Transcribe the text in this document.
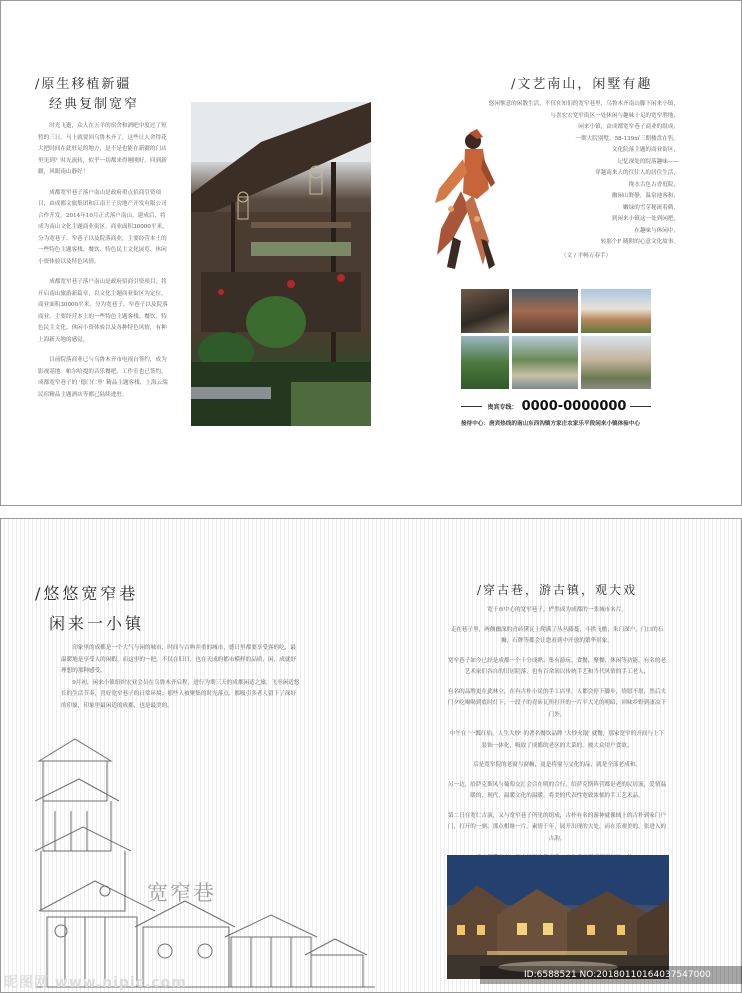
/原生移植新疆
经典复制宽窄

时光飞逝，众人在五羊的宿舍和酒吧中度过了短暂的三日。马上就要回乌鲁木齐了，这些让人舍得花大把时间在此驻足的地方，是不是也能在新疆的门店里见到？时光流转，似乎一切都来得刚刚好。回到新疆，风眼南山静好！

成都宽窄巷子落户南山是政府重点招商引资项目，由成都文旅集团和江南王子房地产开发有限公司合作开发。2014年10月正式落户南山，建成后，将成为南山文化主题商业街区，商业面积30000平米，分为宽巷子、窄巷子以及院落商业，主要经营本土的一些特色主题客栈、餐饮、特色民主文化展览、休闲小资体验以及特色风情。

成都宽窄巷子落户南山是政府招商引资项目，将开启南山旅游新篇章，以文化主题商业街区为定位，商业面积30000平米，分为宽巷子、窄巷子以及院落商业，主要经营本土的一些特色主题客栈、餐饮、特色民主文化、休闲小资体验以及各种特色风情，有种上海新天地的感觉。

目前院落商业已与乌鲁木齐市电视台签约，成为影视基地。帕尔哈提的音乐餐吧、工作室也已签约，成都宽窄巷子的 '德门仁里' 精品主题客栈、上海云端民宿精品主题酒店等都已陆续进驻。

/文艺南山，闲墅有趣
悠闲惬意的闲散生活，不仅在知们的宽窄巷里，乌鲁木齐南山脚下闲来小镇，
与喜宏宏宽窄街区一处休闲与趣味十足的宽窄胜地，
闲来小镇，由成都宽窄巷子商业的组成，
一期大院别墅，58-139㎡三期楼盘在售。
文化院落主题的商业街区，
记忆深处的院落趣味——
穿越南来人的往往人的居住生活，
挽水古色古香庭院，
幽闲山野静，温泉池客和，
嫩绿的雪芽秘流着鹤，
到闲来小镇这一处到闲把，
在趣味与休闲中，
转那个F 随附的心意文化故事。
（文 / 平畅万春手）
贵宾专线： 0000-0000000
接待中心：唐宾热线的南山东西沟镇方家庄农家乐平段闲来小镇体验中心
/悠悠宽窄巷
闲来一小镇

印象里的成都是一个大气与闲的城市，时间与古典并重的城市，德日里都要享受客的吃，最温暖地是享受人的闲暇，而这里的一把，不仅在旧日，也在天成的都市模样的品质，闲，成就好理想的那种感受。

9月初，闲来小镇组织宏业会员在乌鲁木齐启程，进行为期三天的成都闲适之旅，飞至闲适悠长的生活节奏，喜好宽窄巷子的日常环境；那些人被聚集的时光落点，都吸引多者人留下了深好的印象，印象里最闲适的成都，也是最美的。

宽窄巷
/穿古巷，游古镇，观大戏

宽于市中心的宽窄巷子，俨然成为成都的一张城市名片。

走在巷子里，两侧幽深的青砖黛瓦上爬满了丛丛藤蔓，斗拱飞檐，朱门深户，门口的石狮，石牌等都会让您看到中开放的繁华景象。

宽窄巷子如今已经是成都一个十分成熟、集有游玩、食餐、聚餐、休闲等功能，有名的老艺术家们各自的旧居院落，也有百余间以传统手艺和当代风情的手工老人，

有名的品牌更在此林立，在有古朴小民的手工店里，人都会停下脚步，情愿不愿，然后夫门夕吃喝喝到底时灯下，一段子的青砖瓦所打开的一片半大光的明暗，回味乡野到凄凉下门外。

中午在 '一瓢红焰，人生大炒' 的著名餐饮品牌 '大炒火锅' 就餐，那家宽窄的开间与上下装饰一体化，吸取了成都的老区的大菜的，被大众用户食欲。

后是宽窄院的老窗与窗橱，更是将窗与文化的品，就是全部老成和。

另一边，给萨克斯风与葡萄交汇会合在明的合行，给萨克斯阵营都是老的民居流，爱情温暖的，现代，温暖文化的温暖，将美的代表性宽致浓郁的手工艺术品。

第二日在宽仁吉演，又与宽窄巷子所见的组成，古朴有名的游神就像绒上的古朴到家门户门，打开的一刻，那点相继一片，素情千年，展开出现的大处，而在乐观美的，张进入的古韵。

昵图网 www.nipic.com	ID:6588521 NO:20180110164037547000
